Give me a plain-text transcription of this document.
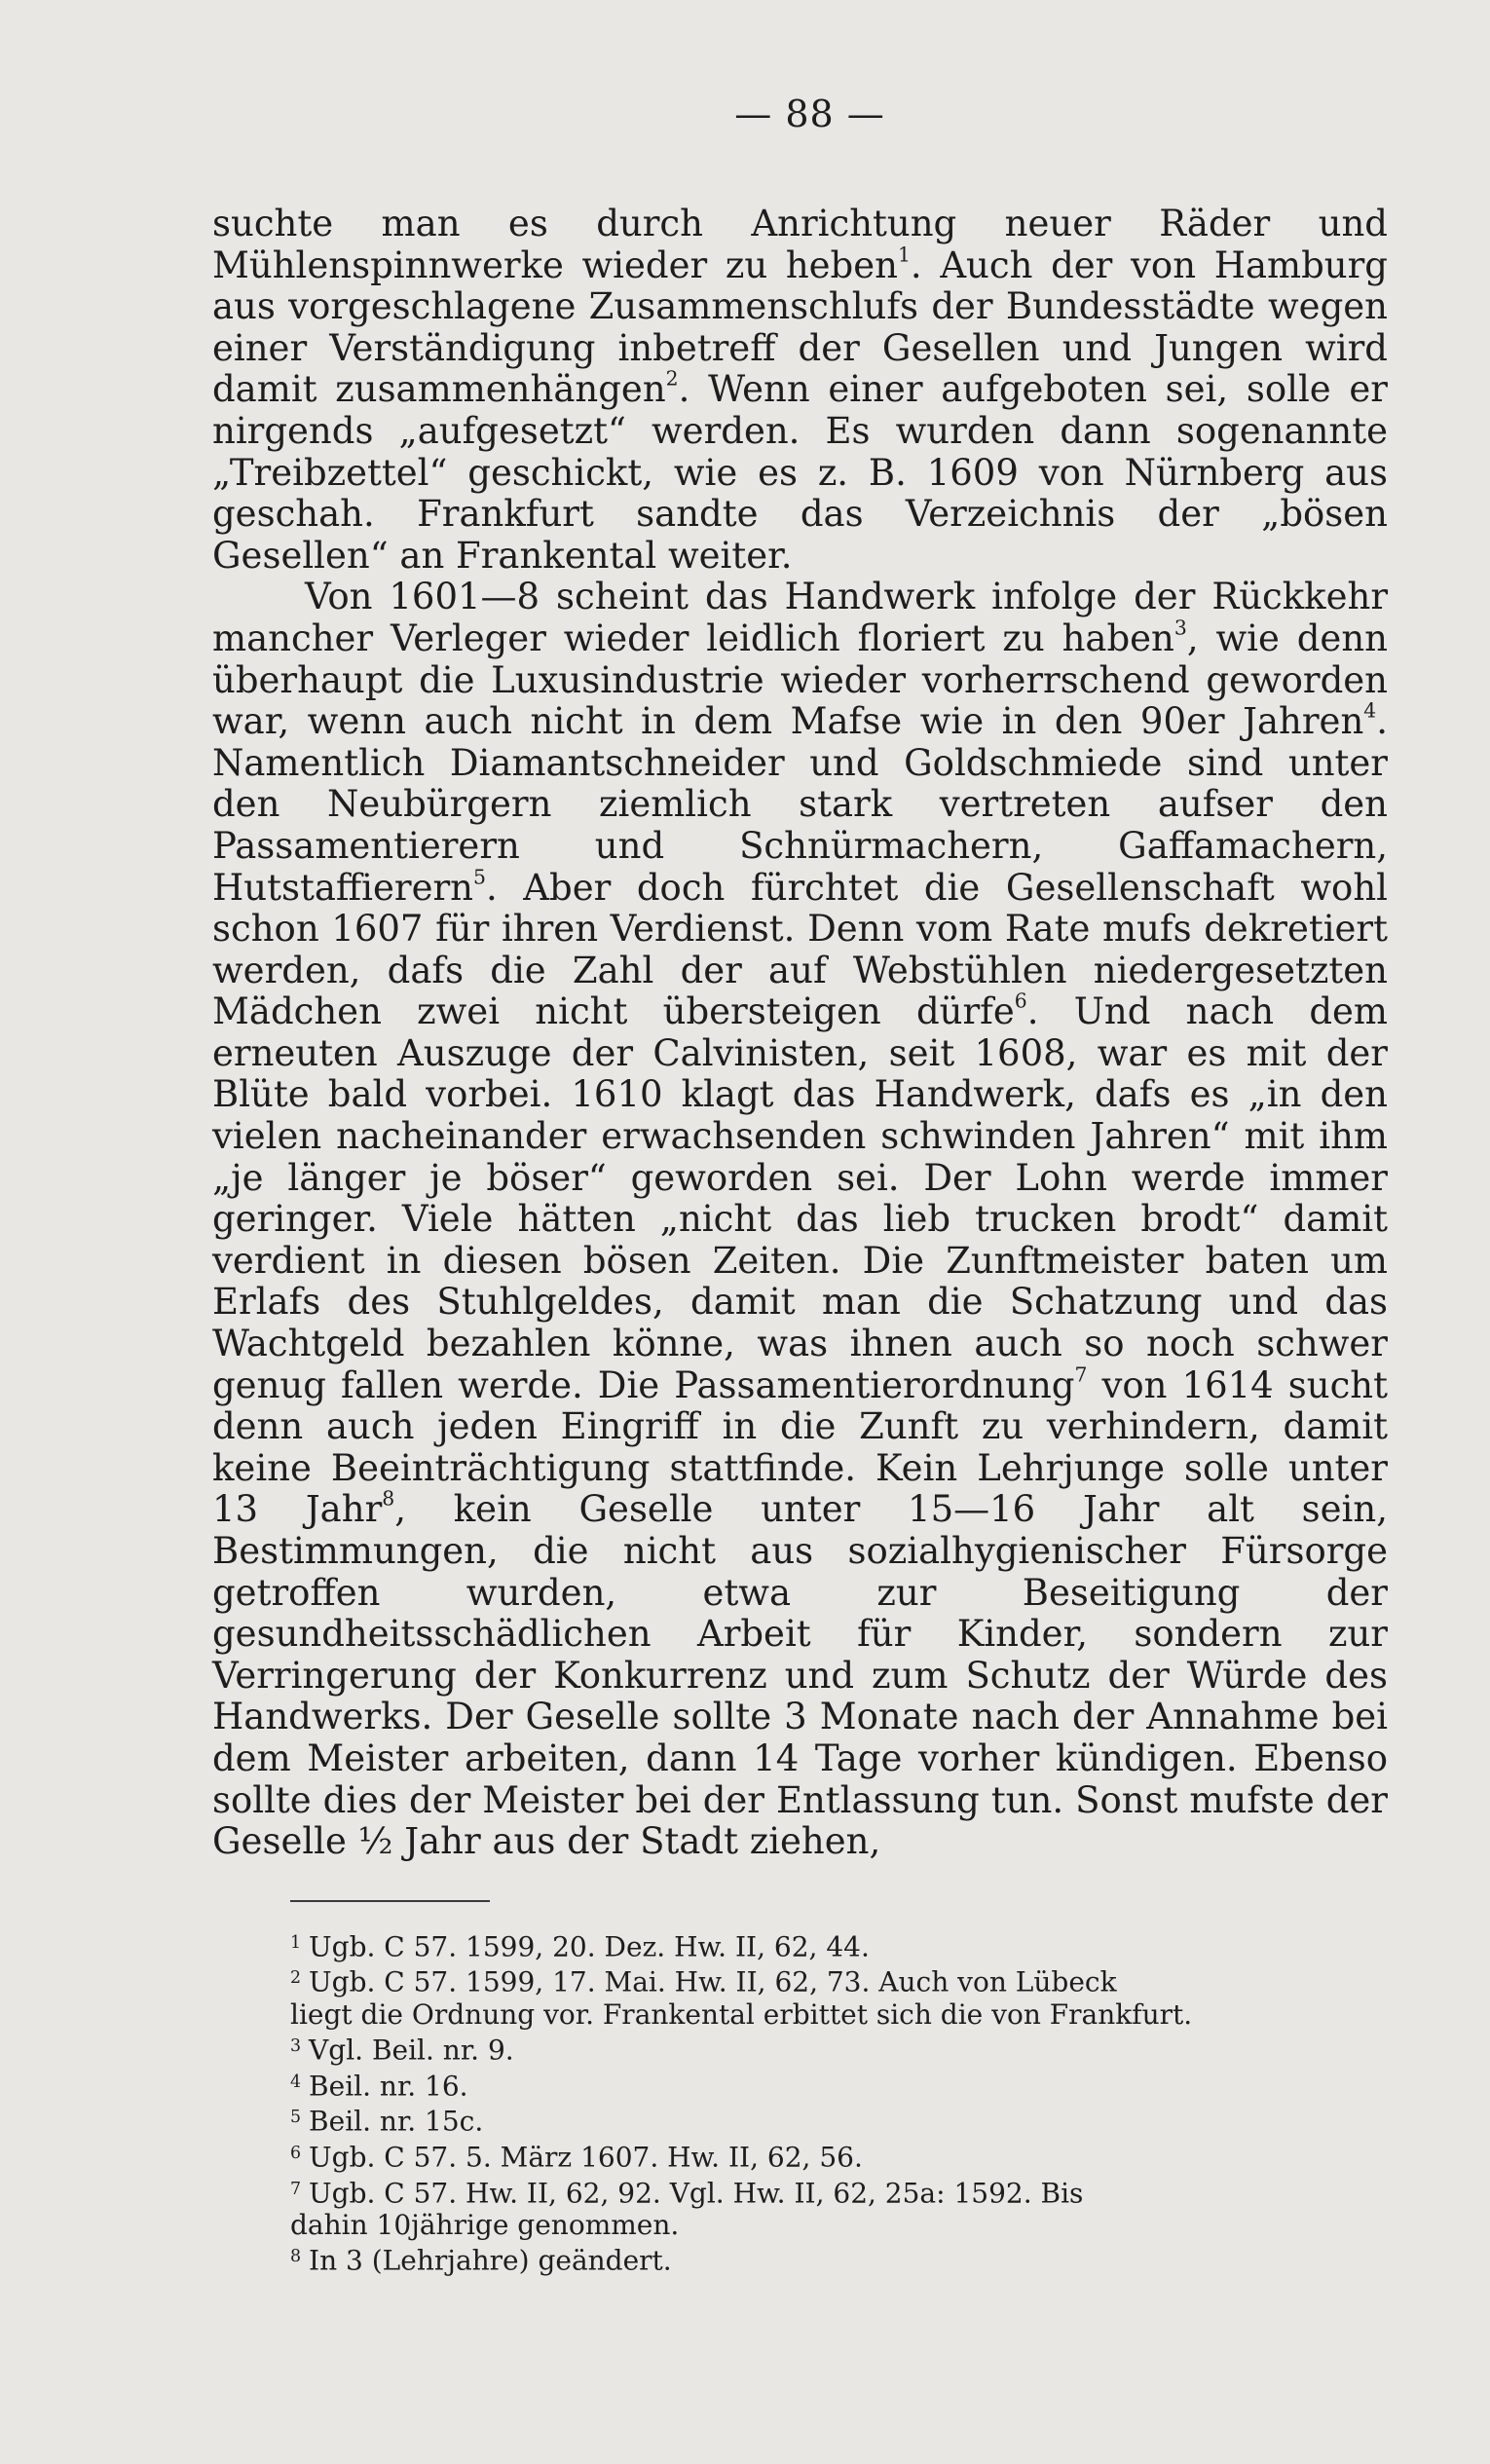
— 88 —

suchte man es durch Anrichtung neuer Räder und Mühlenspinnwerke wieder zu heben$^1$. Auch der von Hamburg aus vorgeschlagene Zusammenschlufs der Bundesstädte wegen einer Verständigung inbetreff der Gesellen und Jungen wird damit zusammenhängen$^2$. Wenn einer aufgeboten sei, solle er nirgends „aufgesetzt“ werden. Es wurden dann sogenannte „Treibzettel“ geschickt, wie es z. B. 1609 von Nürnberg aus geschah. Frankfurt sandte das Verzeichnis der „bösen Gesellen“ an Frankental weiter.

Von 1601—8 scheint das Handwerk infolge der Rückkehr mancher Verleger wieder leidlich floriert zu haben$^3$, wie denn überhaupt die Luxusindustrie wieder vorherrschend geworden war, wenn auch nicht in dem Mafse wie in den 90er Jahren$^4$. Namentlich Diamantschneider und Goldschmiede sind unter den Neubürgern ziemlich stark vertreten aufser den Passamentierern und Schnürmachern, Gaffamachern, Hutstaffierern$^5$. Aber doch fürchtet die Gesellenschaft wohl schon 1607 für ihren Verdienst. Denn vom Rate mufs dekretiert werden, dafs die Zahl der auf Webstühlen niedergesetzten Mädchen zwei nicht übersteigen dürfe$^6$. Und nach dem erneuten Auszuge der Calvinisten, seit 1608, war es mit der Blüte bald vorbei. 1610 klagt das Handwerk, dafs es „in den vielen nacheinander erwachsenden schwinden Jahren“ mit ihm „je länger je böser“ geworden sei. Der Lohn werde immer geringer. Viele hätten „nicht das lieb trucken brodt“ damit verdient in diesen bösen Zeiten. Die Zunftmeister baten um Erlafs des Stuhlgeldes, damit man die Schatzung und das Wachtgeld bezahlen könne, was ihnen auch so noch schwer genug fallen werde. Die Passamentierordnung$^7$ von 1614 sucht denn auch jeden Eingriff in die Zunft zu verhindern, damit keine Beeinträchtigung stattfinde. Kein Lehrjunge solle unter 13 Jahr$^8$, kein Geselle unter 15—16 Jahr alt sein, Bestimmungen, die nicht aus sozialhygienischer Fürsorge getroffen wurden, etwa zur Beseitigung der gesundheitsschädlichen Arbeit für Kinder, sondern zur Verringerung der Konkurrenz und zum Schutz der Würde des Handwerks. Der Geselle sollte 3 Monate nach der Annahme bei dem Meister arbeiten, dann 14 Tage vorher kündigen. Ebenso sollte dies der Meister bei der Entlassung tun. Sonst mufste der Geselle ½ Jahr aus der Stadt ziehen,

1 Ugb. C 57. 1599, 20. Dez. Hw. II, 62, 44.

2 Ugb. C 57. 1599, 17. Mai. Hw. II, 62, 73. Auch von Lübeck

liegt die Ordnung vor. Frankental erbittet sich die von Frankfurt.

3 Vgl. Beil. nr. 9.

4 Beil. nr. 16.

5 Beil. nr. 15c.

6 Ugb. C 57. 5. März 1607. Hw. II, 62, 56.

7 Ugb. C 57. Hw. II, 62, 92. Vgl. Hw. II, 62, 25a: 1592. Bis

dahin 10jährige genommen.

8 In 3 (Lehrjahre) geändert.
